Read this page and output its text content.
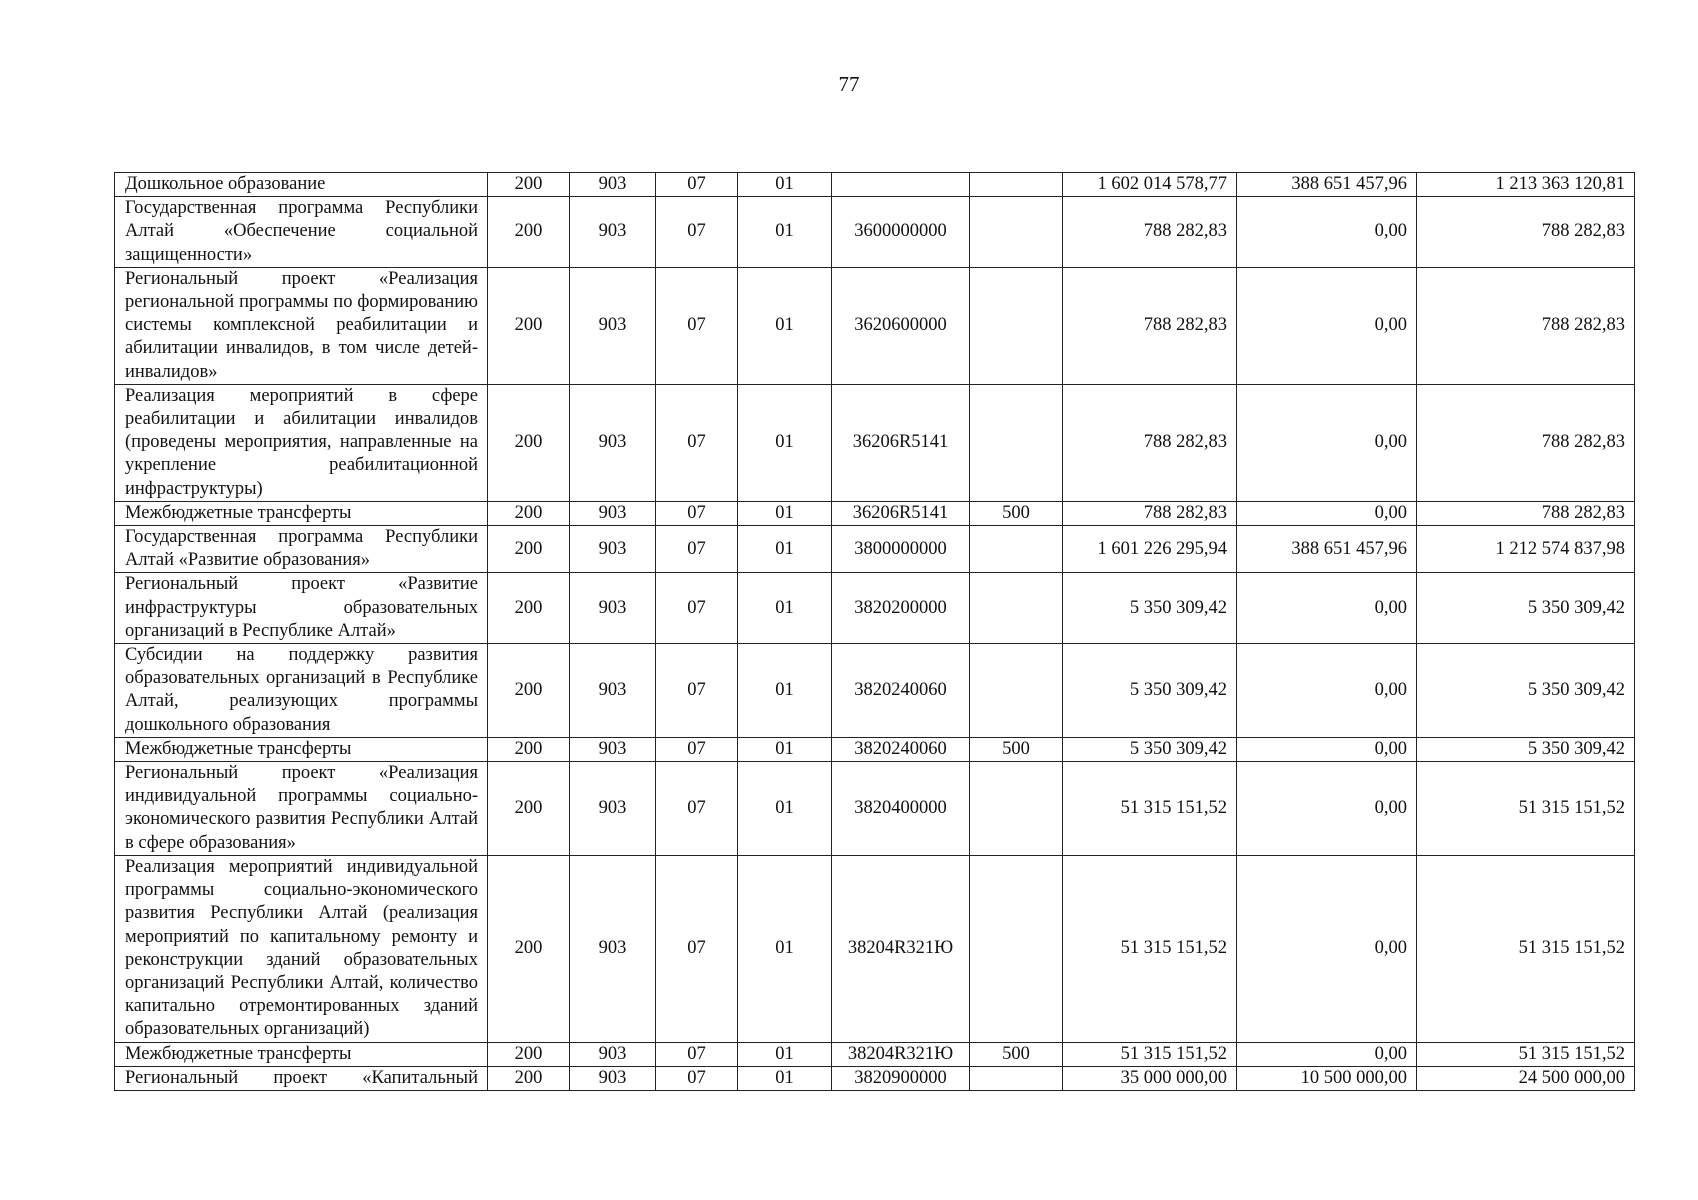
77
Дошкольное образование	200	903	07	01			1 602 014 578,77	388 651 457,96	1 213 363 120,81
Государственная программа Республики Алтай «Обеспечение социальной защищенности»	200	903	07	01	3600000000		788 282,83	0,00	788 282,83
Региональный проект «Реализация региональной программы по формированию системы комплексной реабилитации и абилитации инвалидов, в том числе детей-инвалидов»	200	903	07	01	3620600000		788 282,83	0,00	788 282,83
Реализация мероприятий в сфере реабилитации и абилитации инвалидов (проведены мероприятия, направленные на укрепление реабилитационной инфраструктуры)	200	903	07	01	36206R5141		788 282,83	0,00	788 282,83
Межбюджетные трансферты	200	903	07	01	36206R5141	500	788 282,83	0,00	788 282,83
Государственная программа Республики Алтай «Развитие образования»	200	903	07	01	3800000000		1 601 226 295,94	388 651 457,96	1 212 574 837,98
Региональный проект «Развитие инфраструктуры образовательных организаций в Республике Алтай»	200	903	07	01	3820200000		5 350 309,42	0,00	5 350 309,42
Субсидии на поддержку развития образовательных организаций в Республике Алтай, реализующих программы дошкольного образования	200	903	07	01	3820240060		5 350 309,42	0,00	5 350 309,42
Межбюджетные трансферты	200	903	07	01	3820240060	500	5 350 309,42	0,00	5 350 309,42
Региональный проект «Реализация индивидуальной программы социально-экономического развития Республики Алтай в сфере образования»	200	903	07	01	3820400000		51 315 151,52	0,00	51 315 151,52
Реализация мероприятий индивидуальной программы социально-экономического развития Республики Алтай (реализация мероприятий по капитальному ремонту и реконструкции зданий образовательных организаций Республики Алтай, количество капитально отремонтированных зданий образовательных организаций)	200	903	07	01	38204R321Ю		51 315 151,52	0,00	51 315 151,52
Межбюджетные трансферты	200	903	07	01	38204R321Ю	500	51 315 151,52	0,00	51 315 151,52
Региональный проект «Капитальный	200	903	07	01	3820900000		35 000 000,00	10 500 000,00	24 500 000,00
